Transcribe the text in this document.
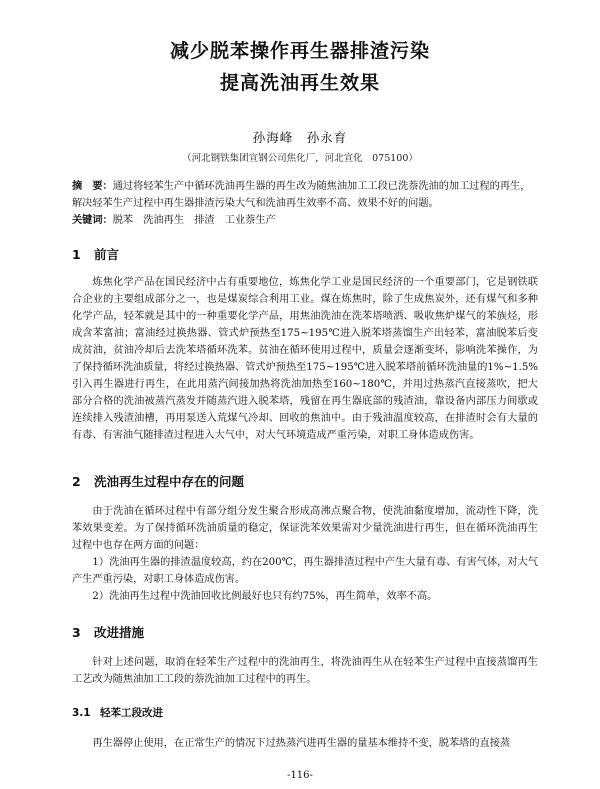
减少脱苯操作再生器排渣污染
提高洗油再生效果
孙海峰　孙永育
（河北钢铁集团宣钢公司焦化厂，河北宣化　075100）
摘　要：通过将轻苯生产中循环洗油再生器的再生改为随焦油加工工段已洗萘洗油的加工过程的再生，解决轻苯生产过程中再生器排渣污染大气和洗油再生效率不高、效果不好的问题。
关键词：脱苯　洗油再生　排渣　工业萘生产
1 前言
炼焦化学产品在国民经济中占有重要地位，炼焦化学工业是国民经济的一个重要部门，它是钢铁联合企业的主要组成部分之一，也是煤炭综合利用工业。煤在炼焦时，除了生成焦炭外，还有煤气和多种化学产品，轻苯就是其中的一种重要化学产品，用焦油洗油在洗苯塔喷洒、吸收焦炉煤气的苯族烃，形成含苯富油；富油经过换热器、管式炉预热至175~195℃进入脱苯塔蒸馏生产出轻苯，富油脱苯后变成贫油，贫油冷却后去洗苯塔循环洗苯。贫油在循环使用过程中，质量会逐渐变坏，影响洗苯操作，为了保持循环洗油质量，将经过换热器、管式炉预热至175~195℃进入脱苯塔前循环洗油量的1%~1.5%引入再生器进行再生，在此用蒸汽间接加热将洗油加热至160~180℃，并用过热蒸汽直接蒸吹，把大部分合格的洗油被蒸汽蒸发并随蒸汽进入脱苯塔，残留在再生器底部的残渣油，靠设备内部压力间歇或连续排入残渣油槽，再用泵送入荒煤气冷却、回收的焦油中。由于残油温度较高，在排渣时会有大量的有毒、有害油气随排渣过程进入大气中，对大气环境造成严重污染，对职工身体造成伤害。
2 洗油再生过程中存在的问题
由于洗油在循环过程中有部分组分发生聚合形成高沸点聚合物，使洗油黏度增加，流动性下降，洗苯效果变差。为了保持循环洗油质量的稳定，保证洗苯效果需对少量洗油进行再生，但在循环洗油再生过程中也存在两方面的问题：
1）洗油再生器的排渣温度较高，约在200℃，再生器排渣过程中产生大量有毒、有害气体，对大气产生严重污染，对职工身体造成伤害。
2）洗油再生过程中洗油回收比例最好也只有约75%，再生简单，效率不高。
3 改进措施
针对上述问题，取消在轻苯生产过程中的洗油再生，将洗油再生从在轻苯生产过程中直接蒸馏再生工艺改为随焦油加工工段的萘洗油加工过程中的再生。
3.1 轻苯工段改进
再生器停止使用，在正常生产的情况下过热蒸汽进再生器的量基本维持不变，脱苯塔的直接蒸
-116-
